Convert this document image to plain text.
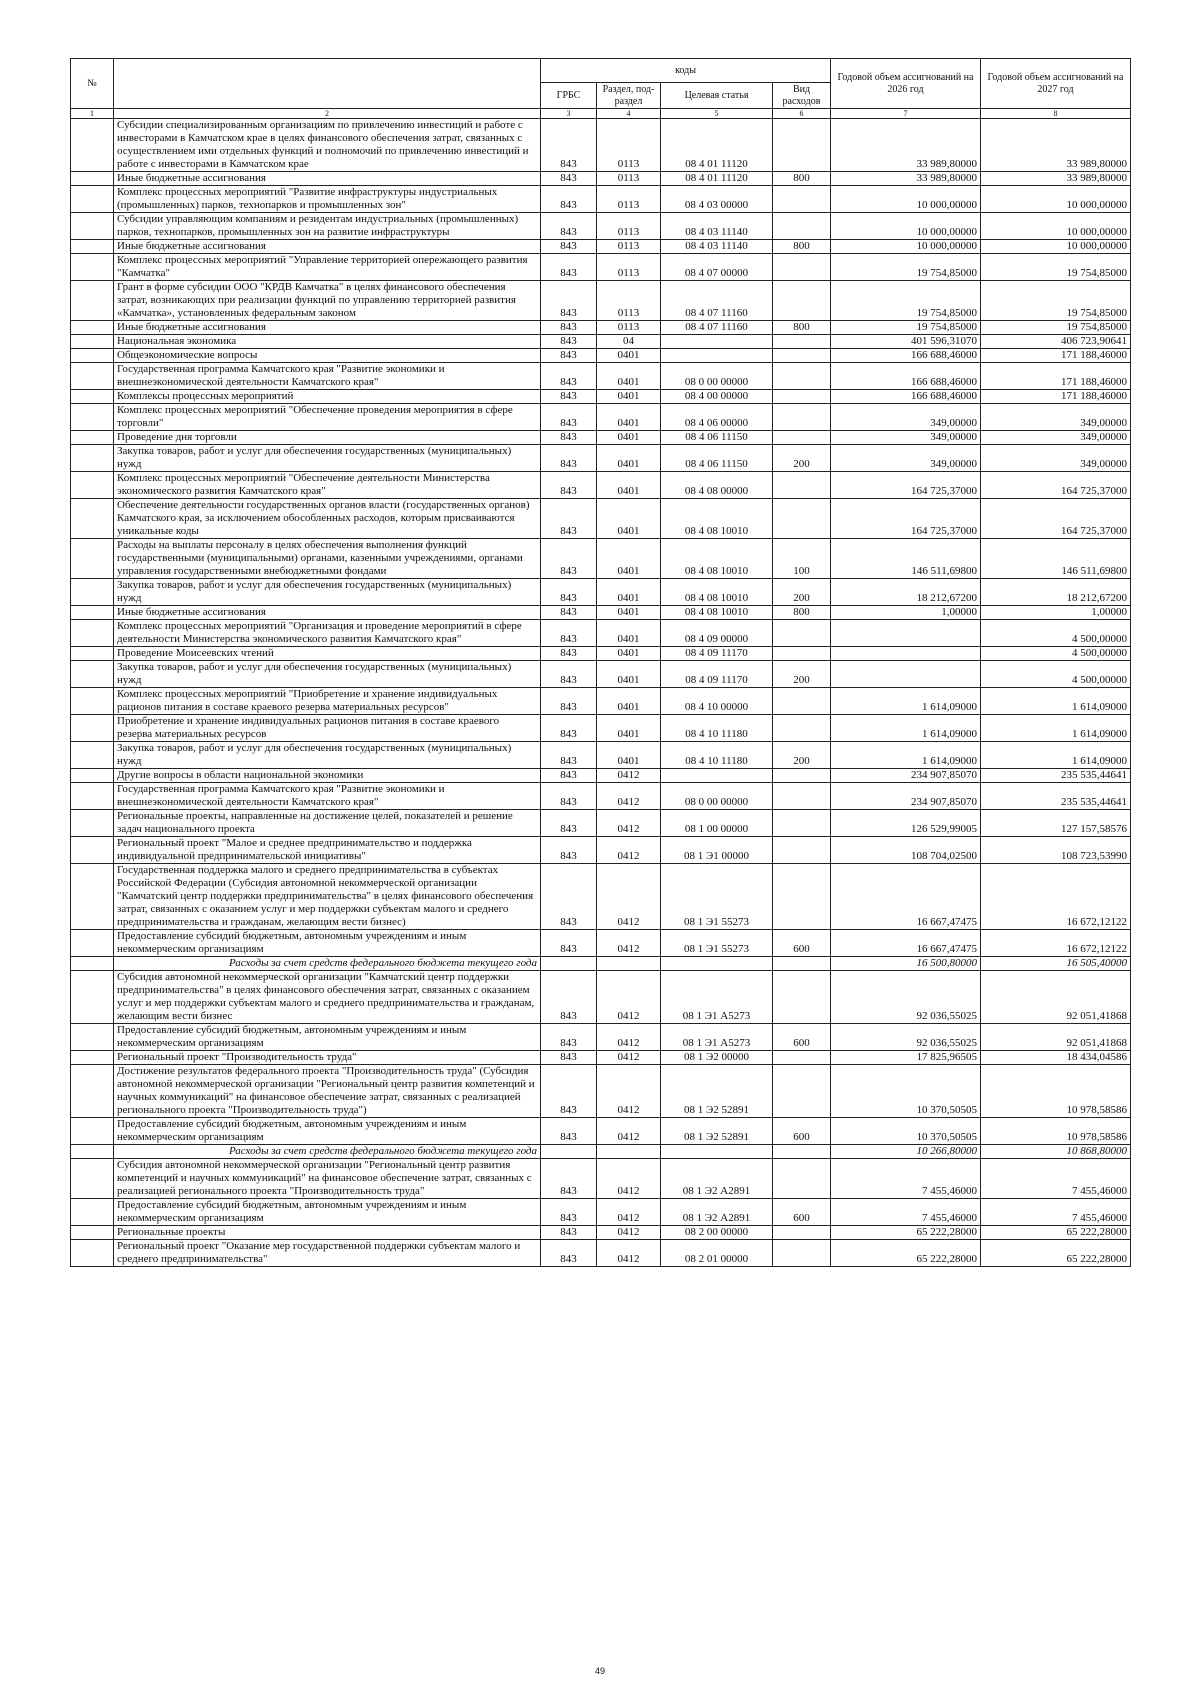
№		коды				Годовой объем ассигнований на 2026 год	Годовой объем ассигнований на 2027 год
		ГРБС	Раздел, под-раздел	Целевая статья	Вид расходов		
1	2	3	4	5	6	7	8
	Субсидии специализированным организациям по привлечению инвестиций и работе с инвесторами в Камчатском крае в целях финансового обеспечения затрат, связанных с осуществлением ими отдельных функций и полномочий по привлечению инвестиций и работе с инвесторами в Камчатском крае	843	0113	08 4 01 11120		33 989,80000	33 989,80000
	Иные бюджетные ассигнования	843	0113	08 4 01 11120	800	33 989,80000	33 989,80000
	Комплекс процессных мероприятий "Развитие инфраструктуры индустриальных (промышленных) парков, технопарков и промышленных зон"	843	0113	08 4 03 00000		10 000,00000	10 000,00000
	Субсидии управляющим компаниям и резидентам индустриальных (промышленных) парков, технопарков, промышленных зон на развитие инфраструктуры	843	0113	08 4 03 11140		10 000,00000	10 000,00000
	Иные бюджетные ассигнования	843	0113	08 4 03 11140	800	10 000,00000	10 000,00000
	Комплекс процессных мероприятий "Управление территорией опережающего развития "Камчатка"	843	0113	08 4 07 00000		19 754,85000	19 754,85000
	Грант в форме субсидии ООО "КРДВ Камчатка" в целях финансового обеспечения затрат, возникающих при реализации функций по управлению территорией развития «Камчатка», установленных федеральным законом	843	0113	08 4 07 11160		19 754,85000	19 754,85000
	Иные бюджетные ассигнования	843	0113	08 4 07 11160	800	19 754,85000	19 754,85000
	Национальная экономика	843	04			401 596,31070	406 723,90641
	Общеэкономические вопросы	843	0401			166 688,46000	171 188,46000
	Государственная программа Камчатского края "Развитие экономики и внешнеэкономической деятельности Камчатского края"	843	0401	08 0 00 00000		166 688,46000	171 188,46000
	Комплексы процессных мероприятий	843	0401	08 4 00 00000		166 688,46000	171 188,46000
	Комплекс процессных мероприятий "Обеспечение проведения мероприятия в сфере торговли"	843	0401	08 4 06 00000		349,00000	349,00000
	Проведение дня торговли	843	0401	08 4 06 11150		349,00000	349,00000
	Закупка товаров, работ и услуг для обеспечения государственных (муниципальных) нужд	843	0401	08 4 06 11150	200	349,00000	349,00000
	Комплекс процессных мероприятий "Обеспечение деятельности Министерства экономического развития Камчатского края"	843	0401	08 4 08 00000		164 725,37000	164 725,37000
	Обеспечение деятельности государственных органов власти (государственных органов) Камчатского края, за исключением обособленных расходов, которым присваиваются уникальные коды	843	0401	08 4 08 10010		164 725,37000	164 725,37000
	Расходы на выплаты персоналу в целях обеспечения выполнения функций государственными (муниципальными) органами, казенными учреждениями, органами управления государственными внебюджетными фондами	843	0401	08 4 08 10010	100	146 511,69800	146 511,69800
	Закупка товаров, работ и услуг для обеспечения государственных (муниципальных) нужд	843	0401	08 4 08 10010	200	18 212,67200	18 212,67200
	Иные бюджетные ассигнования	843	0401	08 4 08 10010	800	1,00000	1,00000
	Комплекс процессных мероприятий "Организация и проведение мероприятий в сфере деятельности Министерства экономического развития Камчатского края"	843	0401	08 4 09 00000			4 500,00000
	Проведение Моисеевских чтений	843	0401	08 4 09 11170			4 500,00000
	Закупка товаров, работ и услуг для обеспечения государственных (муниципальных) нужд	843	0401	08 4 09 11170	200		4 500,00000
	Комплекс процессных мероприятий "Приобретение и хранение индивидуальных рационов питания в составе краевого резерва материальных ресурсов"	843	0401	08 4 10 00000		1 614,09000	1 614,09000
	Приобретение и хранение индивидуальных рационов питания в составе краевого резерва материальных ресурсов	843	0401	08 4 10 11180		1 614,09000	1 614,09000
	Закупка товаров, работ и услуг для обеспечения государственных (муниципальных) нужд	843	0401	08 4 10 11180	200	1 614,09000	1 614,09000
	Другие вопросы в области национальной экономики	843	0412			234 907,85070	235 535,44641
	Государственная программа Камчатского края "Развитие экономики и внешнеэкономической деятельности Камчатского края"	843	0412	08 0 00 00000		234 907,85070	235 535,44641
	Региональные проекты, направленные на достижение целей, показателей и решение задач национального проекта	843	0412	08 1 00 00000		126 529,99005	127 157,58576
	Региональный проект "Малое и среднее предпринимательство и поддержка индивидуальной предпринимательской инициативы"	843	0412	08 1 Э1 00000		108 704,02500	108 723,53990
	Государственная поддержка малого и среднего предпринимательства в субъектах Российской Федерации (Субсидия автономной некоммерческой организации "Камчатский центр поддержки предпринимательства" в целях финансового обеспечения затрат, связанных с оказанием услуг и мер поддержки субъектам малого и среднего предпринимательства и гражданам, желающим вести бизнес)	843	0412	08 1 Э1 55273		16 667,47475	16 672,12122
	Предоставление субсидий бюджетным, автономным учреждениям и иным некоммерческим организациям	843	0412	08 1 Э1 55273	600	16 667,47475	16 672,12122
	Расходы за счет средств федерального бюджета текущего года					16 500,80000	16 505,40000
	Субсидия автономной некоммерческой организации "Камчатский центр поддержки предпринимательства" в целях финансового обеспечения затрат, связанных с оказанием услуг и мер поддержки субъектам малого и среднего предпринимательства и гражданам, желающим вести бизнес	843	0412	08 1 Э1 А5273		92 036,55025	92 051,41868
	Предоставление субсидий бюджетным, автономным учреждениям и иным некоммерческим организациям	843	0412	08 1 Э1 А5273	600	92 036,55025	92 051,41868
	Региональный проект "Производительность труда"	843	0412	08 1 Э2 00000		17 825,96505	18 434,04586
	Достижение результатов федерального проекта "Производительность труда" (Субсидия автономной некоммерческой организации "Региональный центр развития компетенций и научных коммуникаций" на финансовое обеспечение затрат, связанных с реализацией регионального проекта "Производительность труда")	843	0412	08 1 Э2 52891		10 370,50505	10 978,58586
	Предоставление субсидий бюджетным, автономным учреждениям и иным некоммерческим организациям	843	0412	08 1 Э2 52891	600	10 370,50505	10 978,58586
	Расходы за счет средств федерального бюджета текущего года					10 266,80000	10 868,80000
	Субсидия автономной некоммерческой организации "Региональный центр развития компетенций и научных коммуникаций" на финансовое обеспечение затрат, связанных с реализацией регионального проекта "Производительность труда"	843	0412	08 1 Э2 А2891		7 455,46000	7 455,46000
	Предоставление субсидий бюджетным, автономным учреждениям и иным некоммерческим организациям	843	0412	08 1 Э2 А2891	600	7 455,46000	7 455,46000
	Региональные проекты	843	0412	08 2 00 00000		65 222,28000	65 222,28000
	Региональный проект "Оказание мер государственной поддержки субъектам малого и среднего предпринимательства"	843	0412	08 2 01 00000		65 222,28000	65 222,28000
49
